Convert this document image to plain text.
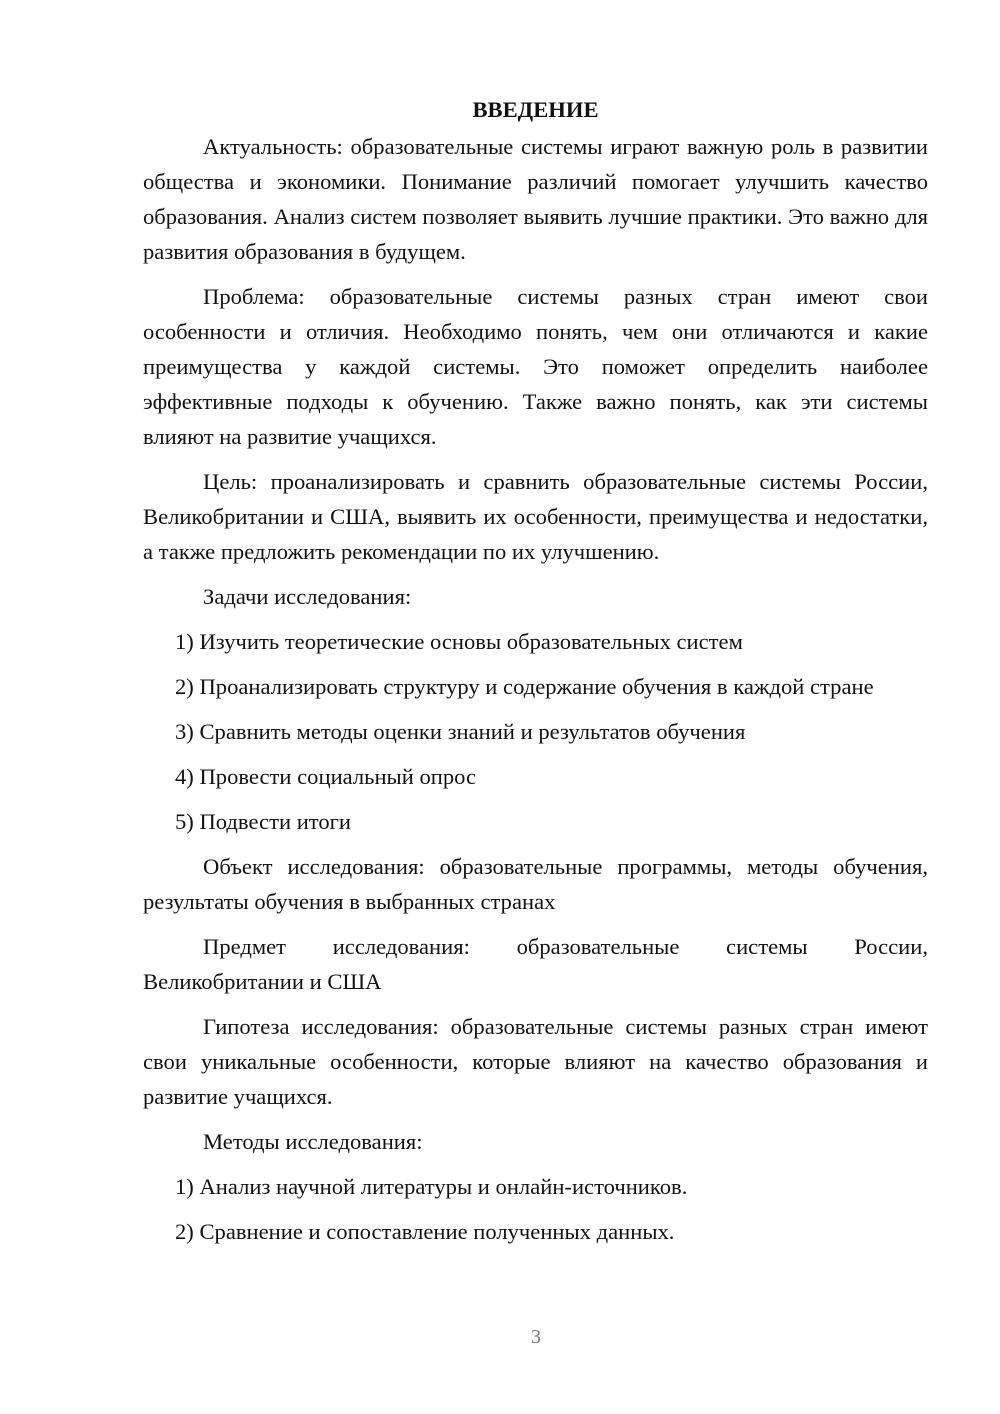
ВВЕДЕНИЕ

Актуальность: образовательные системы играют важную роль в развитии общества и экономики. Понимание различий помогает улучшить качество образования. Анализ систем позволяет выявить лучшие практики. Это важно для развития образования в будущем.

Проблема: образовательные системы разных стран имеют свои особенности и отличия. Необходимо понять, чем они отличаются и какие преимущества у каждой системы. Это поможет определить наиболее эффективные подходы к обучению. Также важно понять, как эти системы влияют на развитие учащихся.

Цель: проанализировать и сравнить образовательные системы России, Великобритании и США, выявить их особенности, преимущества и недостатки, а также предложить рекомендации по их улучшению.

Задачи исследования:

1) Изучить теоретические основы образовательных систем

2) Проанализировать структуру и содержание обучения в каждой стране

3) Сравнить методы оценки знаний и результатов обучения

4) Провести социальный опрос

5) Подвести итоги

Объект исследования: образовательные программы, методы обучения, результаты обучения в выбранных странах

Предмет исследования: образовательные системы России, Великобритании и США

Гипотеза исследования: образовательные системы разных стран имеют свои уникальные особенности, которые влияют на качество образования и развитие учащихся.

Методы исследования:

1) Анализ научной литературы и онлайн-источников.

2) Сравнение и сопоставление полученных данных.

3
